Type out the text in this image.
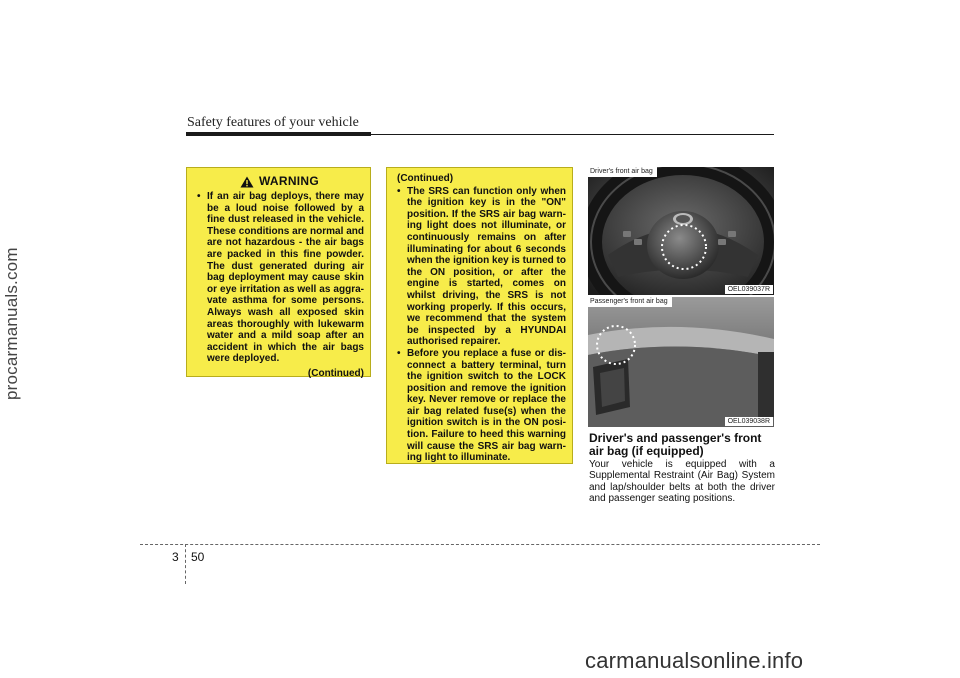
procarmanuals.com
Safety features of your vehicle
WARNING
• If an air bag deploys, there may be a loud noise followed by a fine dust released in the vehicle. These conditions are normal and are not hazardous - the air bags are packed in this fine powder. The dust generated during air bag deployment may cause skin or eye irritation as well as aggra-vate asthma for some persons. Always wash all exposed skin areas thoroughly with lukewarm water and a mild soap after an accident in which the air bags were deployed.
(Continued)
(Continued)
• The SRS can function only when the ignition key is in the "ON" position. If the SRS air bag warn-ing light does not illuminate, or continuously remains on after illuminating for about 6 seconds when the ignition key is turned to the ON position, or after the engine is started, comes on whilst driving, the SRS is not working properly. If this occurs, we recommend that the system be inspected by a HYUNDAI authorised repairer.
• Before you replace a fuse or dis-connect a battery terminal, turn the ignition switch to the LOCK position and remove the ignition key. Never remove or replace the air bag related fuse(s) when the ignition switch is in the ON posi-tion. Failure to heed this warning will cause the SRS air bag warn-ing light to illuminate.
Driver's front air bag
OEL039037R
Passenger's front air bag
OEL039038R
Driver's and passenger's front air bag (if equipped)
Your vehicle is equipped with a Supplemental Restraint (Air Bag) System and lap/shoulder belts at both the driver and passenger seating positions.
3 50
carmanualsonline.info
